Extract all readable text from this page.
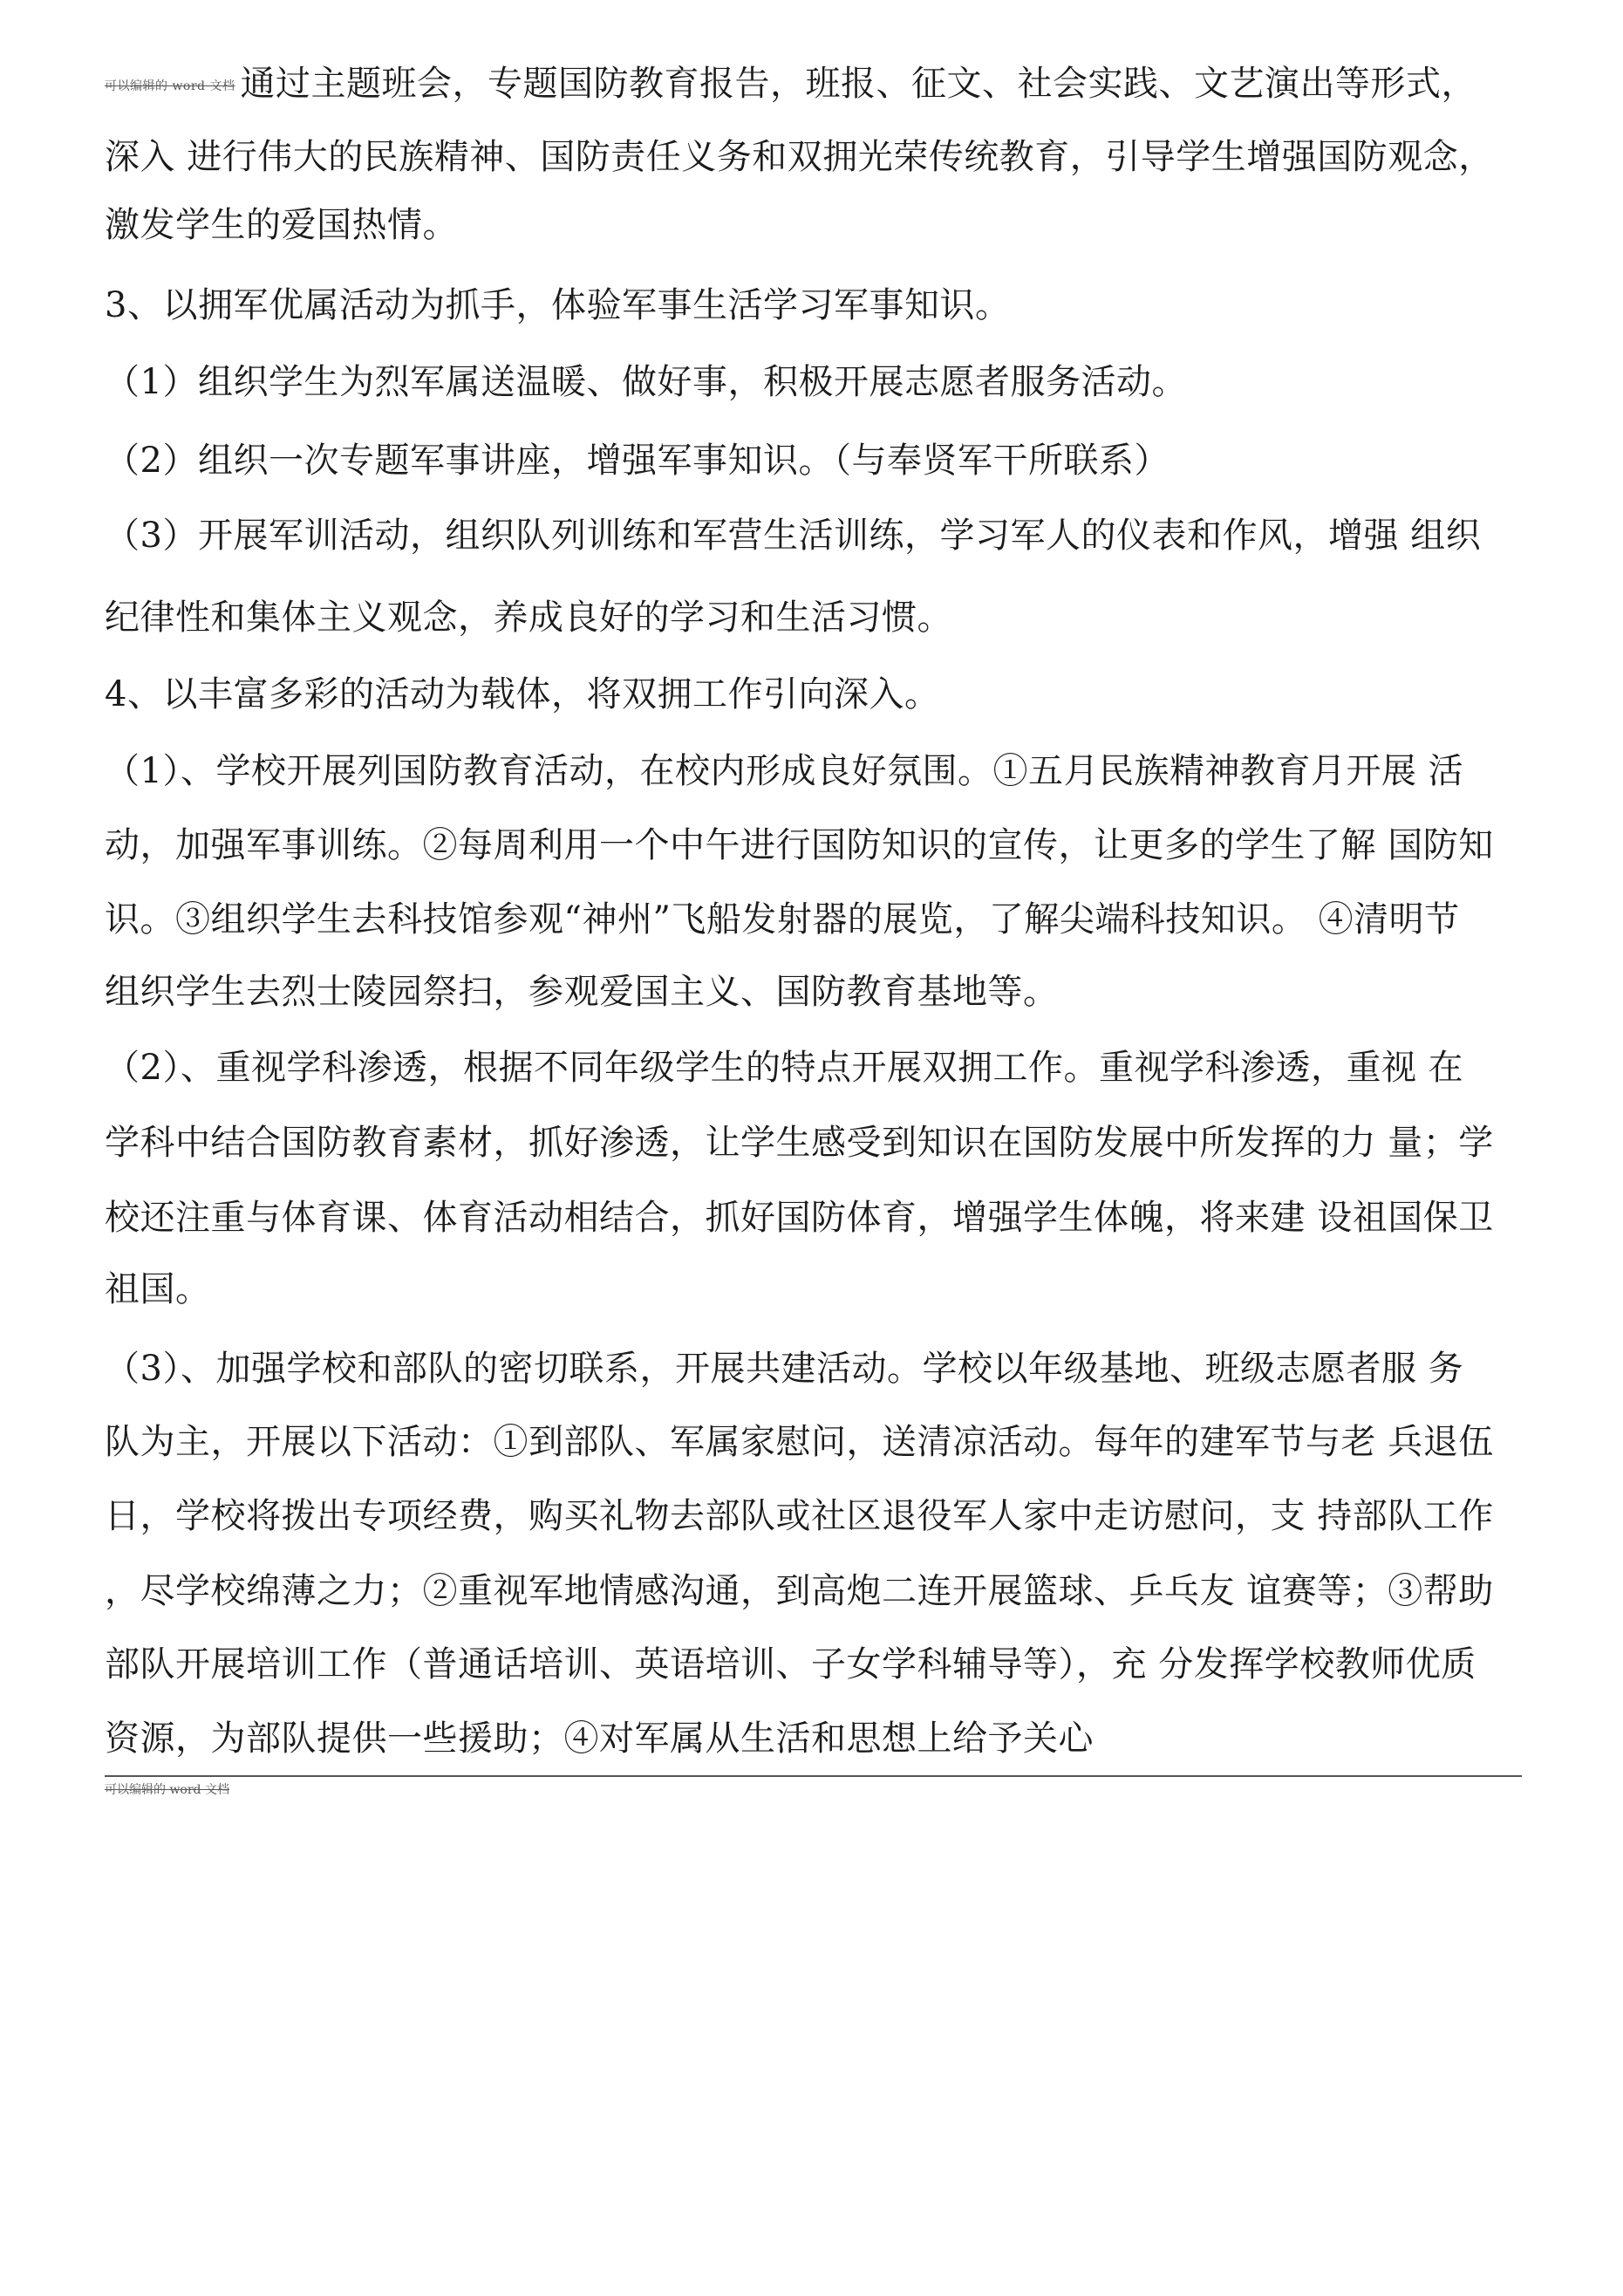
可以编辑的 word 文档 通过主题班会，专题国防教育报告，班报、征文、社会实践、文艺演出等形式，
深入 进行伟大的民族精神、国防责任义务和双拥光荣传统教育，引导学生增强国防观念，
激发学生的爱国热情。
3、以拥军优属活动为抓手，体验军事生活学习军事知识。
（1）组织学生为烈军属送温暖、做好事，积极开展志愿者服务活动。
（2）组织一次专题军事讲座，增强军事知识。（与奉贤军干所联系）
（3）开展军训活动，组织队列训练和军营生活训练，学习军人的仪表和作风，增强 组织
纪律性和集体主义观念，养成良好的学习和生活习惯。
4、以丰富多彩的活动为载体，将双拥工作引向深入。
（1）、学校开展列国防教育活动，在校内形成良好氛围。①五月民族精神教育月开展 活
动，加强军事训练。②每周利用一个中午进行国防知识的宣传，让更多的学生了解 国防知
识。③组织学生去科技馆参观“神州”飞船发射器的展览，了解尖端科技知识。 ④清明节
组织学生去烈士陵园祭扫，参观爱国主义、国防教育基地等。
（2）、重视学科渗透，根据不同年级学生的特点开展双拥工作。重视学科渗透，重视 在
学科中结合国防教育素材，抓好渗透，让学生感受到知识在国防发展中所发挥的力 量；学
校还注重与体育课、体育活动相结合，抓好国防体育，增强学生体魄，将来建 设祖国保卫
祖国。
（3）、加强学校和部队的密切联系，开展共建活动。学校以年级基地、班级志愿者服 务
队为主，开展以下活动：①到部队、军属家慰问，送清凉活动。每年的建军节与老 兵退伍
日，学校将拨出专项经费，购买礼物去部队或社区退役军人家中走访慰问，支 持部队工作
，尽学校绵薄之力；②重视军地情感沟通，到高炮二连开展篮球、乒乓友 谊赛等；③帮助
部队开展培训工作（普通话培训、英语培训、子女学科辅导等），充 分发挥学校教师优质
资源，为部队提供一些援助；④对军属从生活和思想上给予关心
可以编辑的 word 文档
